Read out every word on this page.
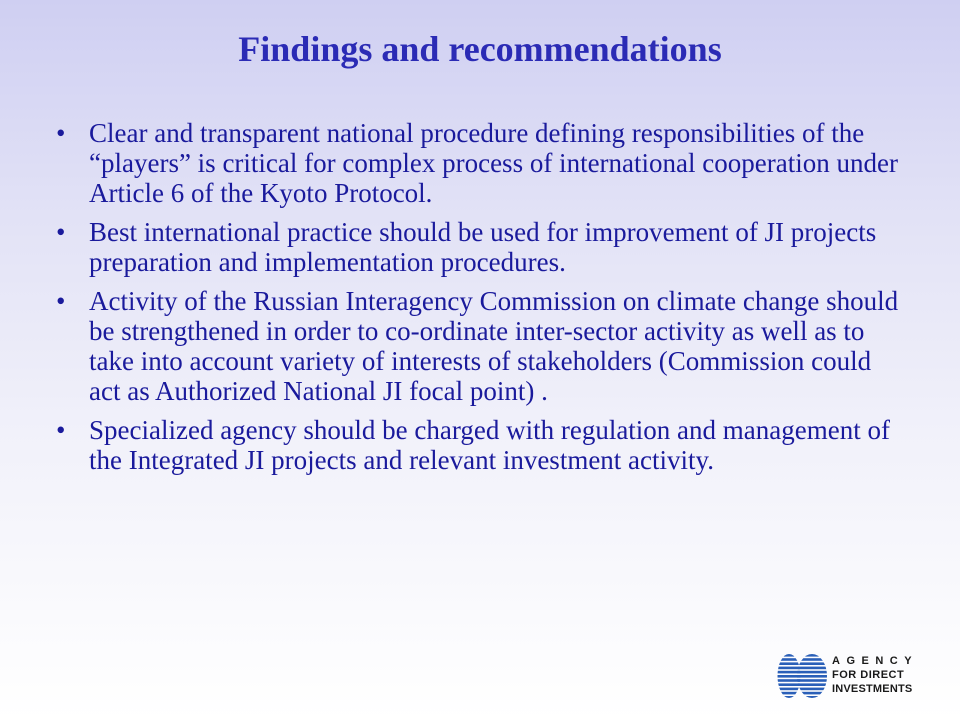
Findings and recommendations
• Clear and transparent national procedure defining responsibilities of the “players” is critical for complex process of international cooperation under Article 6 of the Kyoto Protocol.
• Best international practice should be used for improvement of JI projects preparation and implementation procedures.
• Activity of the Russian Interagency Commission on climate change should be strengthened in order to co-ordinate inter-sector activity as well as to take into account variety of interests of stakeholders (Commission could act as Authorized National JI focal point) .
• Specialized agency should be charged with regulation and management of the Integrated JI projects and relevant investment activity.
AGENCY
FOR DIRECT
INVESTMENTS
